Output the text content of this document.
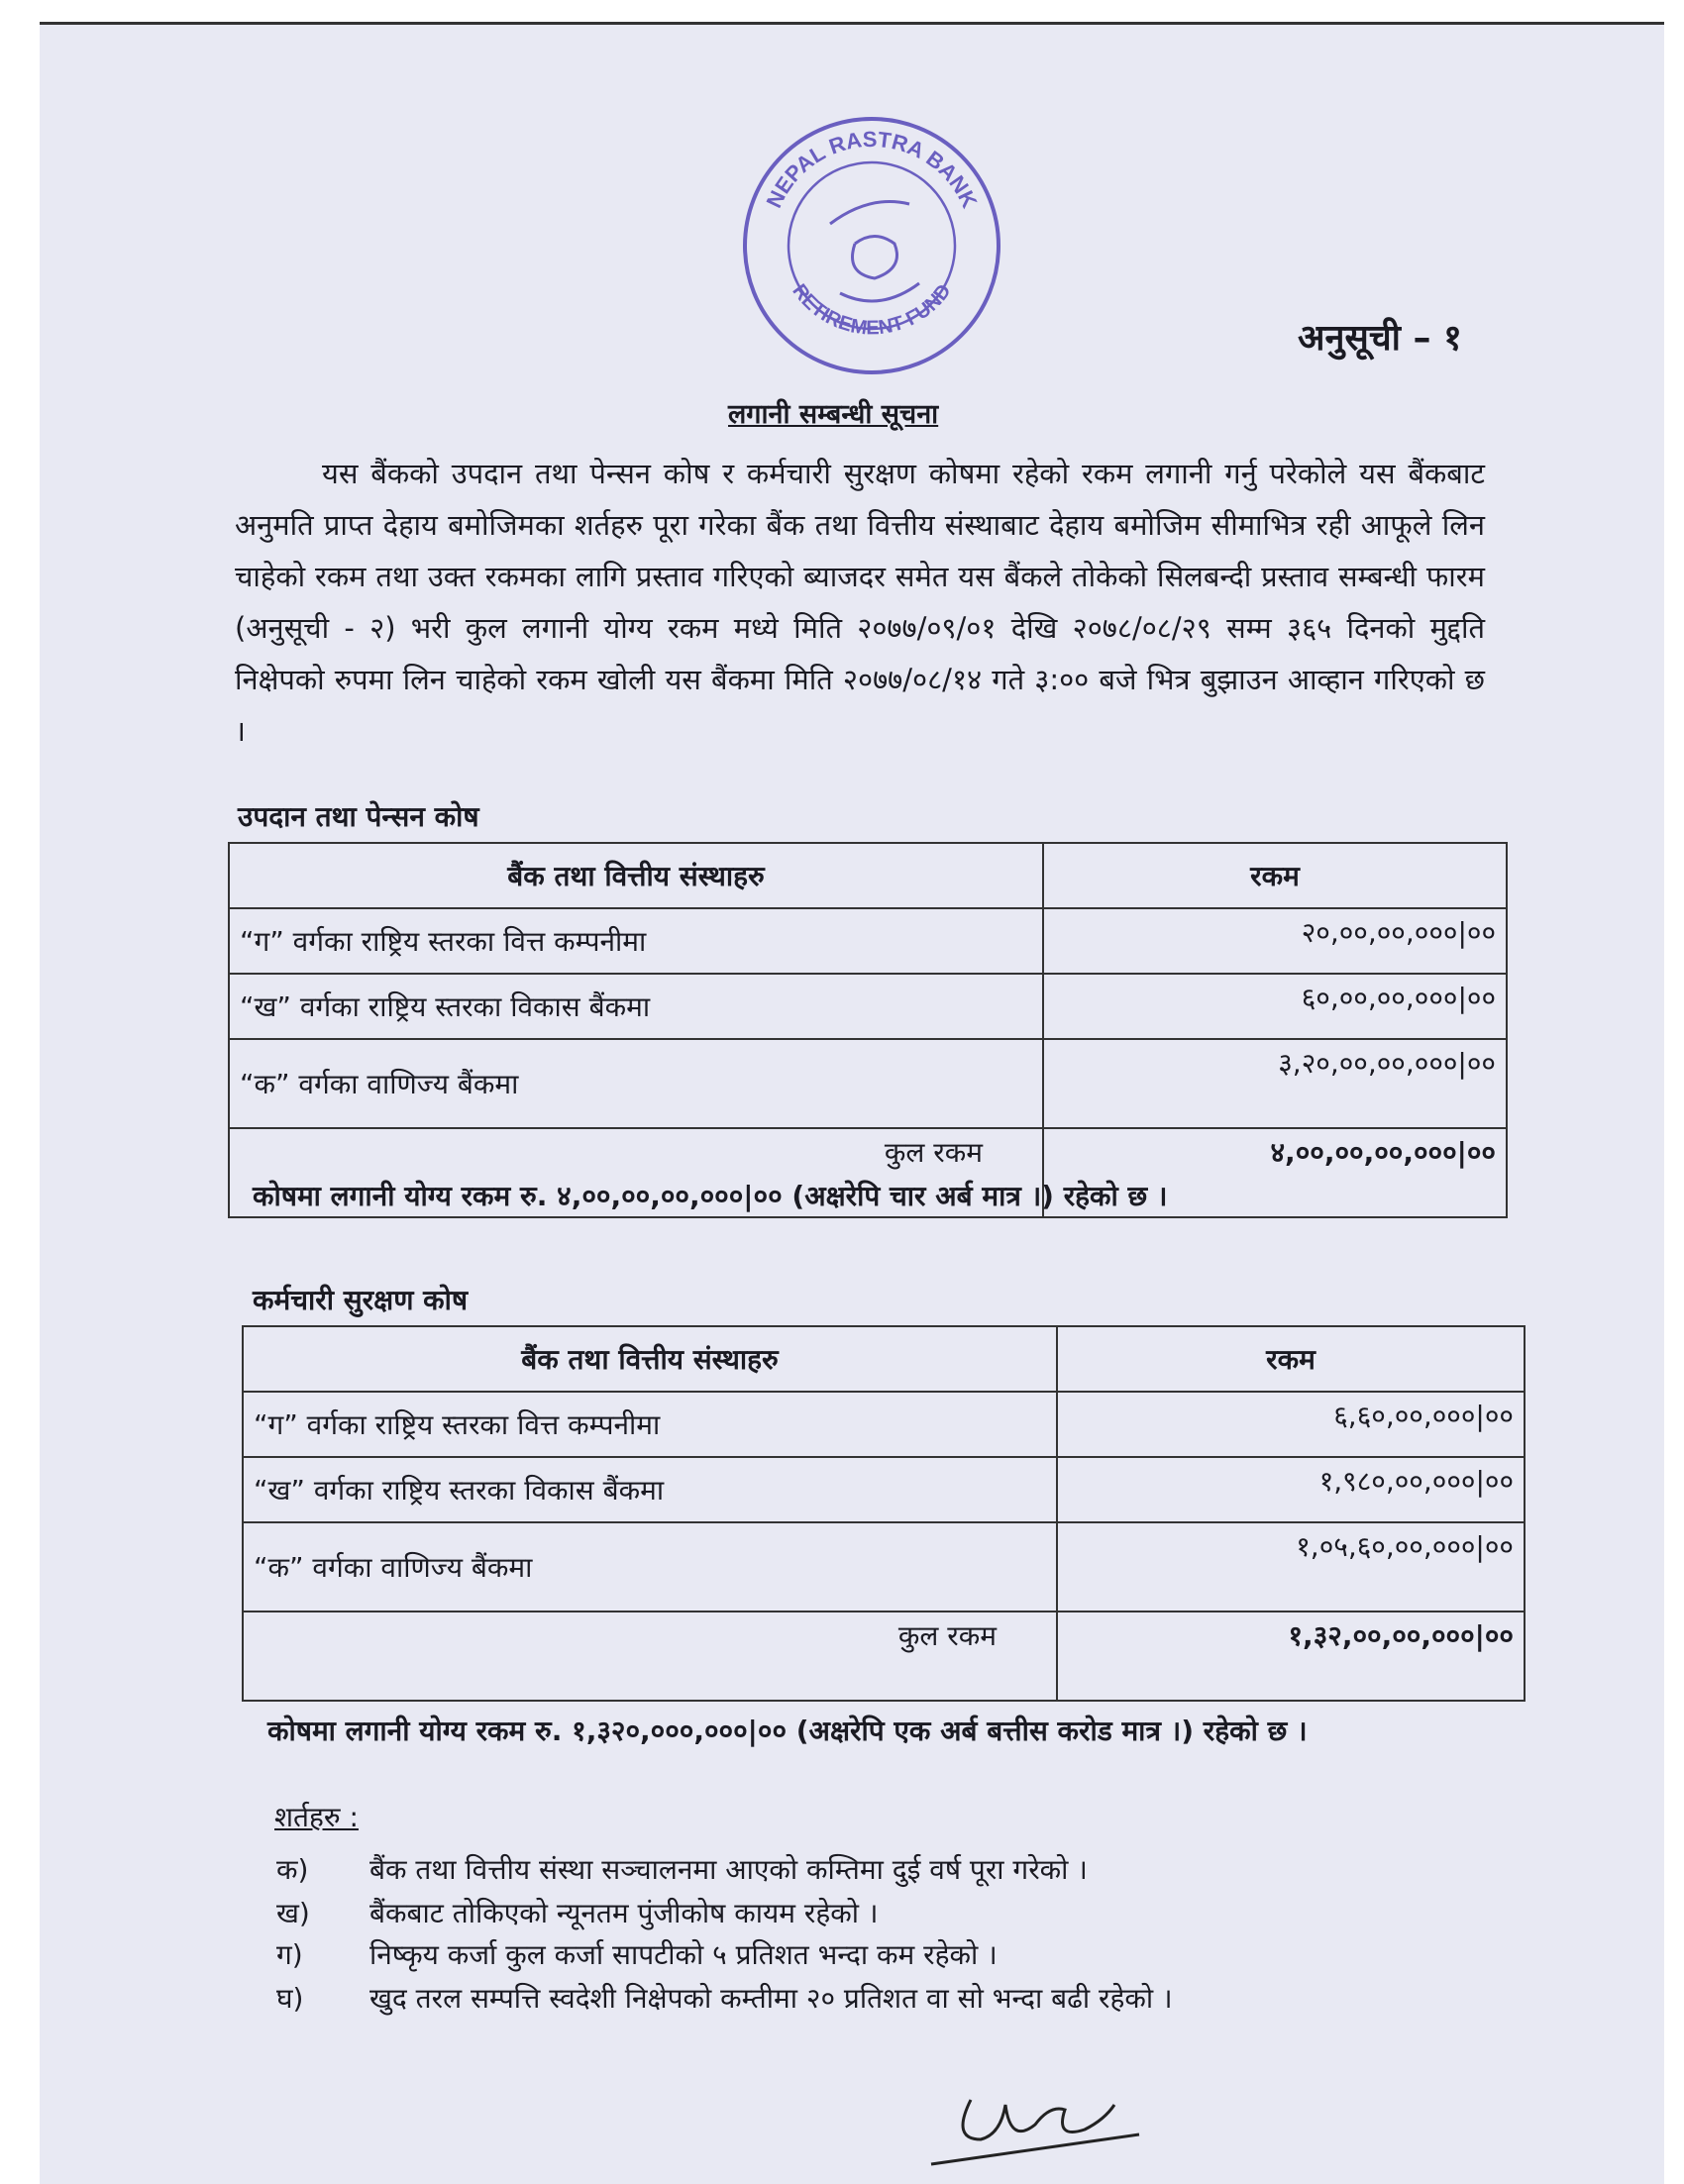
NEPAL RASTRA BANK
RETIREMENT FUND
अनुसूची – १
लगानी सम्बन्धी सूचना
यस बैंकको उपदान तथा पेन्सन कोष र कर्मचारी सुरक्षण कोषमा रहेको रकम लगानी गर्नु परेकोले यस बैंकबाट अनुमति प्राप्त देहाय बमोजिमका शर्तहरु पूरा गरेका बैंक तथा वित्तीय संस्थाबाट देहाय बमोजिम सीमाभित्र रही आफूले लिन चाहेको रकम तथा उक्त रकमका लागि प्रस्ताव गरिएको ब्याजदर समेत यस बैंकले तोकेको सिलबन्दी प्रस्ताव सम्बन्धी फारम (अनुसूची - २) भरी कुल लगानी योग्य रकम मध्ये मिति २०७७/०९/०१ देखि २०७८/०८/२९ सम्म ३६५ दिनको मुद्दति निक्षेपको रुपमा लिन चाहेको रकम खोली यस बैंकमा मिति २०७७/०८/१४ गते ३:०० बजे भित्र बुझाउन आव्हान गरिएको छ ।
उपदान तथा पेन्सन कोष
बैंक तथा वित्तीय संस्थाहरु	रकम
“ग” वर्गका राष्ट्रिय स्तरका वित्त कम्पनीमा	२०,००,००,०००|००
“ख” वर्गका राष्ट्रिय स्तरका विकास बैंकमा	६०,००,००,०००|००
“क” वर्गका वाणिज्य बैंकमा	३,२०,००,००,०००|००
कुल रकम	४,००,००,००,०००|००
कोषमा लगानी योग्य रकम रु. ४,००,००,००,०००|०० (अक्षरेपि चार अर्ब मात्र ।) रहेको छ ।
कर्मचारी सुरक्षण कोष
बैंक तथा वित्तीय संस्थाहरु	रकम
“ग” वर्गका राष्ट्रिय स्तरका वित्त कम्पनीमा	६,६०,००,०००|००
“ख” वर्गका राष्ट्रिय स्तरका विकास बैंकमा	१,९८०,००,०००|००
“क” वर्गका वाणिज्य बैंकमा	१,०५,६०,००,०००|००
कुल रकम	१,३२,००,००,०००|००
कोषमा लगानी योग्य रकम रु. १,३२०,०००,०००|०० (अक्षरेपि एक अर्ब बत्तीस करोड मात्र ।) रहेको छ ।
शर्तहरु :
क) बैंक तथा वित्तीय संस्था सञ्चालनमा आएको कम्तिमा दुई वर्ष पूरा गरेको ।
ख) बैंकबाट तोकिएको न्यूनतम पुंजीकोष कायम रहेको ।
ग) निष्कृय कर्जा कुल कर्जा सापटीको ५ प्रतिशत भन्दा कम रहेको ।
घ) खुद तरल सम्पत्ति स्वदेशी निक्षेपको कम्तीमा २० प्रतिशत वा सो भन्दा बढी रहेको ।
